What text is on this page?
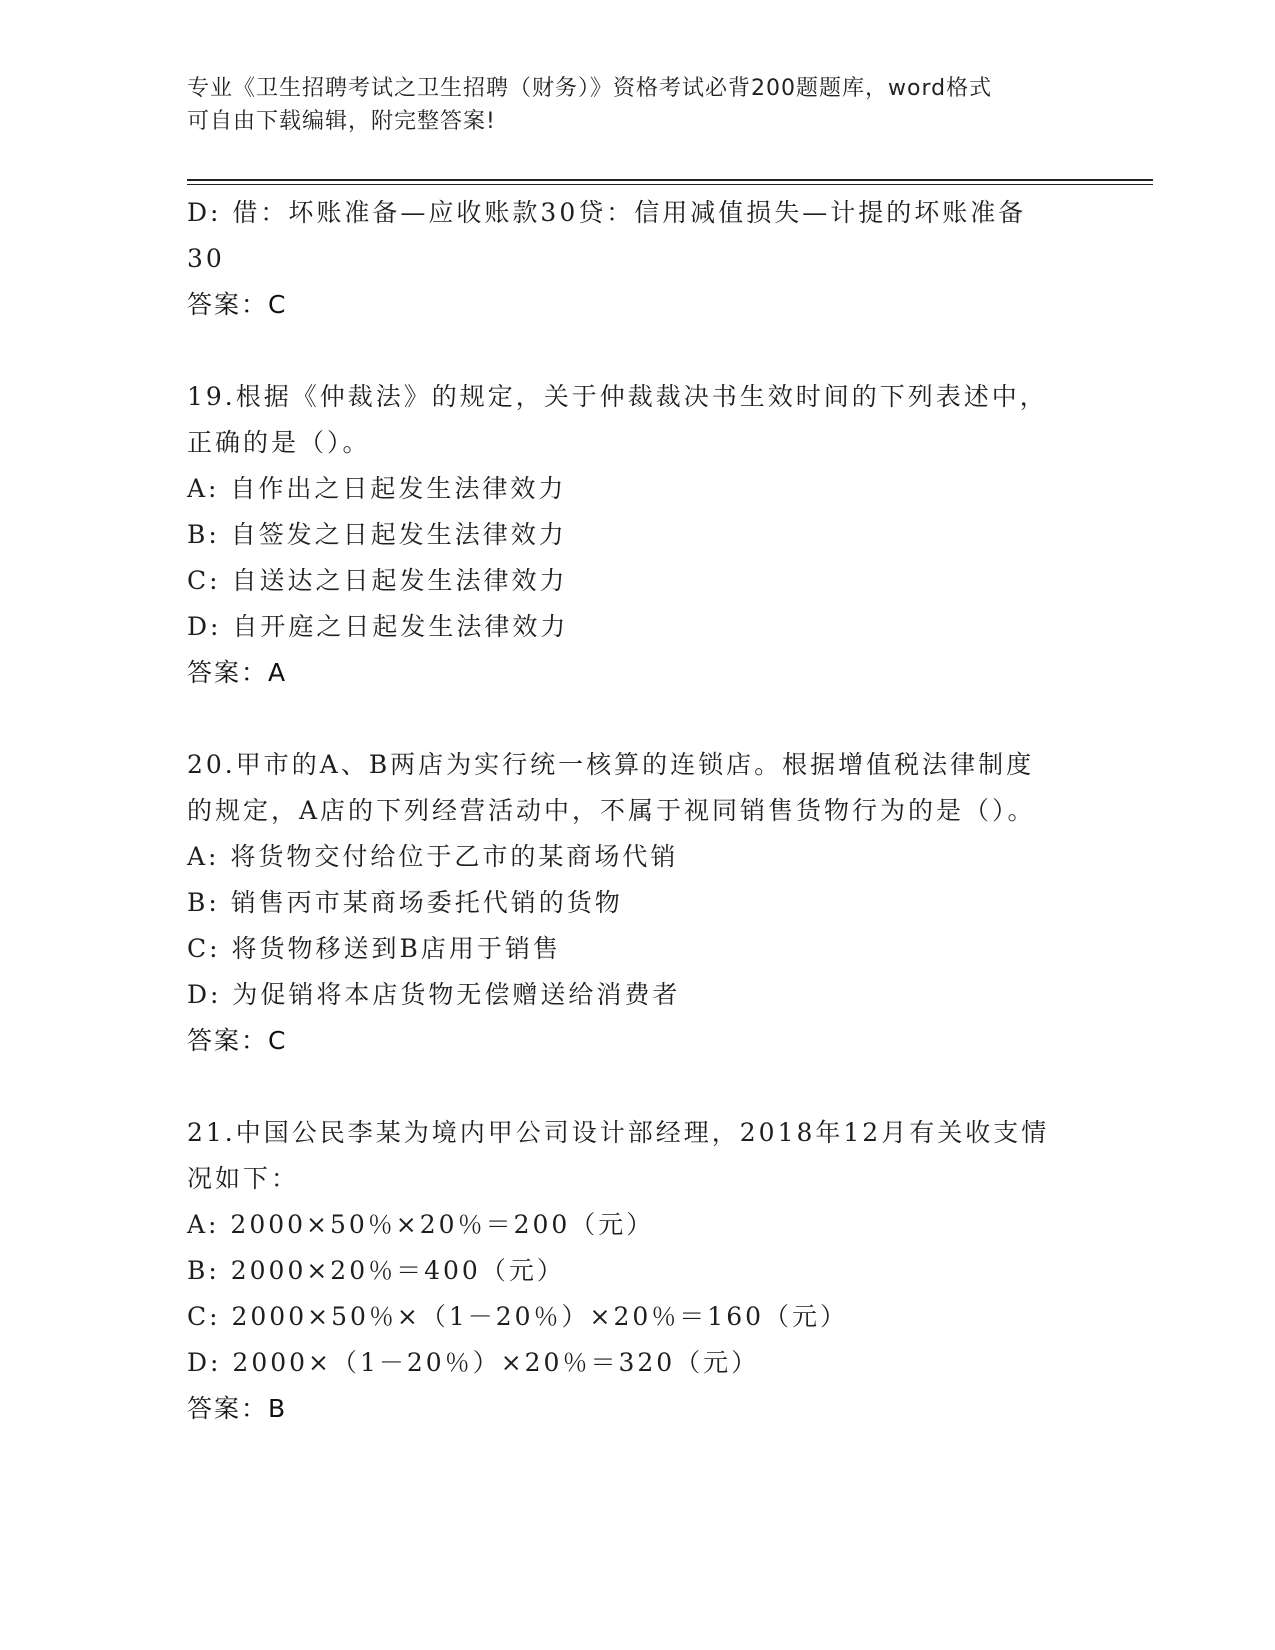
专业《卫生招聘考试之卫生招聘（财务）》资格考试必背200题题库，word格式
可自由下载编辑，附完整答案!
D: 借：坏账准备—应收账款30贷：信用减值损失—计提的坏账准备
30
答案：C
19.根据《仲裁法》的规定，关于仲裁裁决书生效时间的下列表述中，
正确的是（）。
A: 自作出之日起发生法律效力
B: 自签发之日起发生法律效力
C: 自送达之日起发生法律效力
D: 自开庭之日起发生法律效力
答案：A
20.甲市的A、B两店为实行统一核算的连锁店。根据增值税法律制度
的规定，A店的下列经营活动中，不属于视同销售货物行为的是（）。
A: 将货物交付给位于乙市的某商场代销
B: 销售丙市某商场委托代销的货物
C: 将货物移送到B店用于销售
D: 为促销将本店货物无偿赠送给消费者
答案：C
21.中国公民李某为境内甲公司设计部经理，2018年12月有关收支情
况如下：
A: 2000×50％×20％＝200（元）
B: 2000×20％＝400（元）
C: 2000×50％×（1－20％）×20％＝160（元）
D: 2000×（1－20％）×20％＝320（元）
答案：B
